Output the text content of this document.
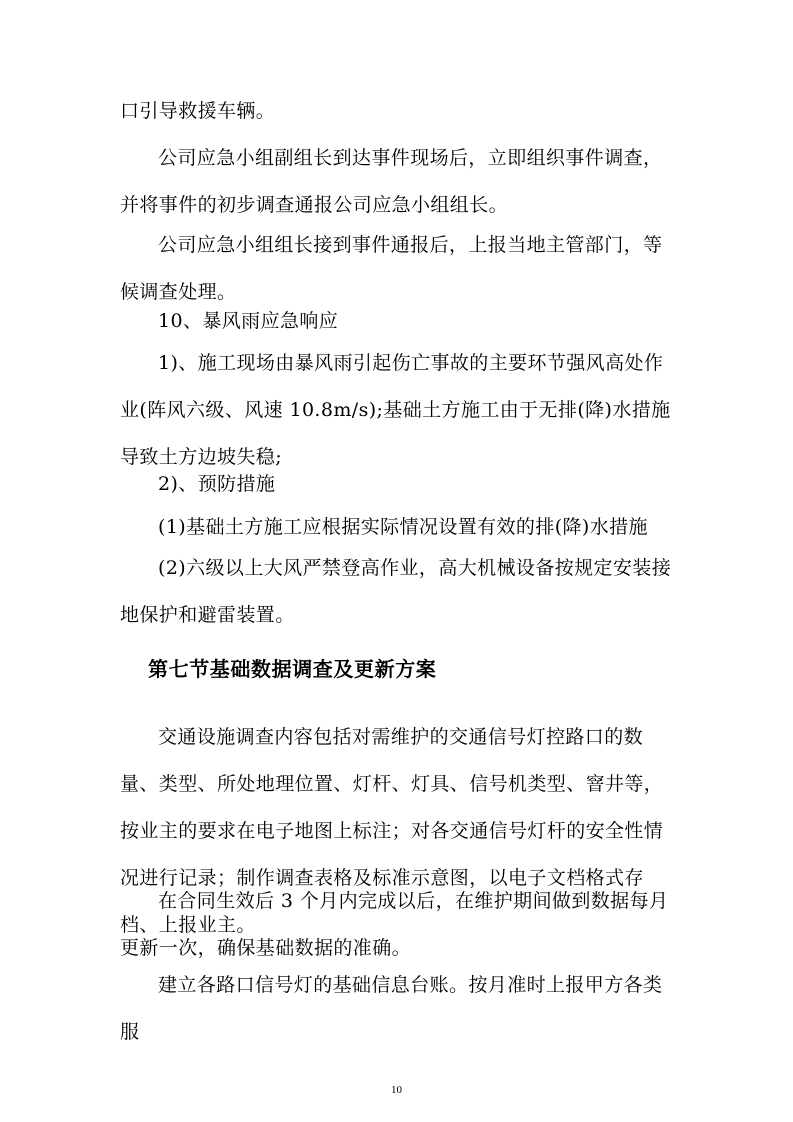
口引导救援车辆。

公司应急小组副组长到达事件现场后，立即组织事件调查，并将事件的初步调查通报公司应急小组组长。

公司应急小组组长接到事件通报后，上报当地主管部门，等候调查处理。

10、暴风雨应急响应

1)、施工现场由暴风雨引起伤亡事故的主要环节强风高处作业(阵风六级、风速 10.8m/s);基础土方施工由于无排(降)水措施导致土方边坡失稳;

2)、预防措施

(1)基础土方施工应根据实际情况设置有效的排(降)水措施

(2)六级以上大风严禁登高作业，高大机械设备按规定安装接地保护和避雷装置。

第七节基础数据调查及更新方案

交通设施调查内容包括对需维护的交通信号灯控路口的数量、类型、所处地理位置、灯杆、灯具、信号机类型、窨井等，按业主的要求在电子地图上标注；对各交通信号灯杆的安全性情况进行记录；制作调查表格及标准示意图，以电子文档格式存档、上报业主。

在合同生效后 3 个月内完成以后，在维护期间做到数据每月更新一次，确保基础数据的准确。

建立各路口信号灯的基础信息台账。按月准时上报甲方各类服

10
